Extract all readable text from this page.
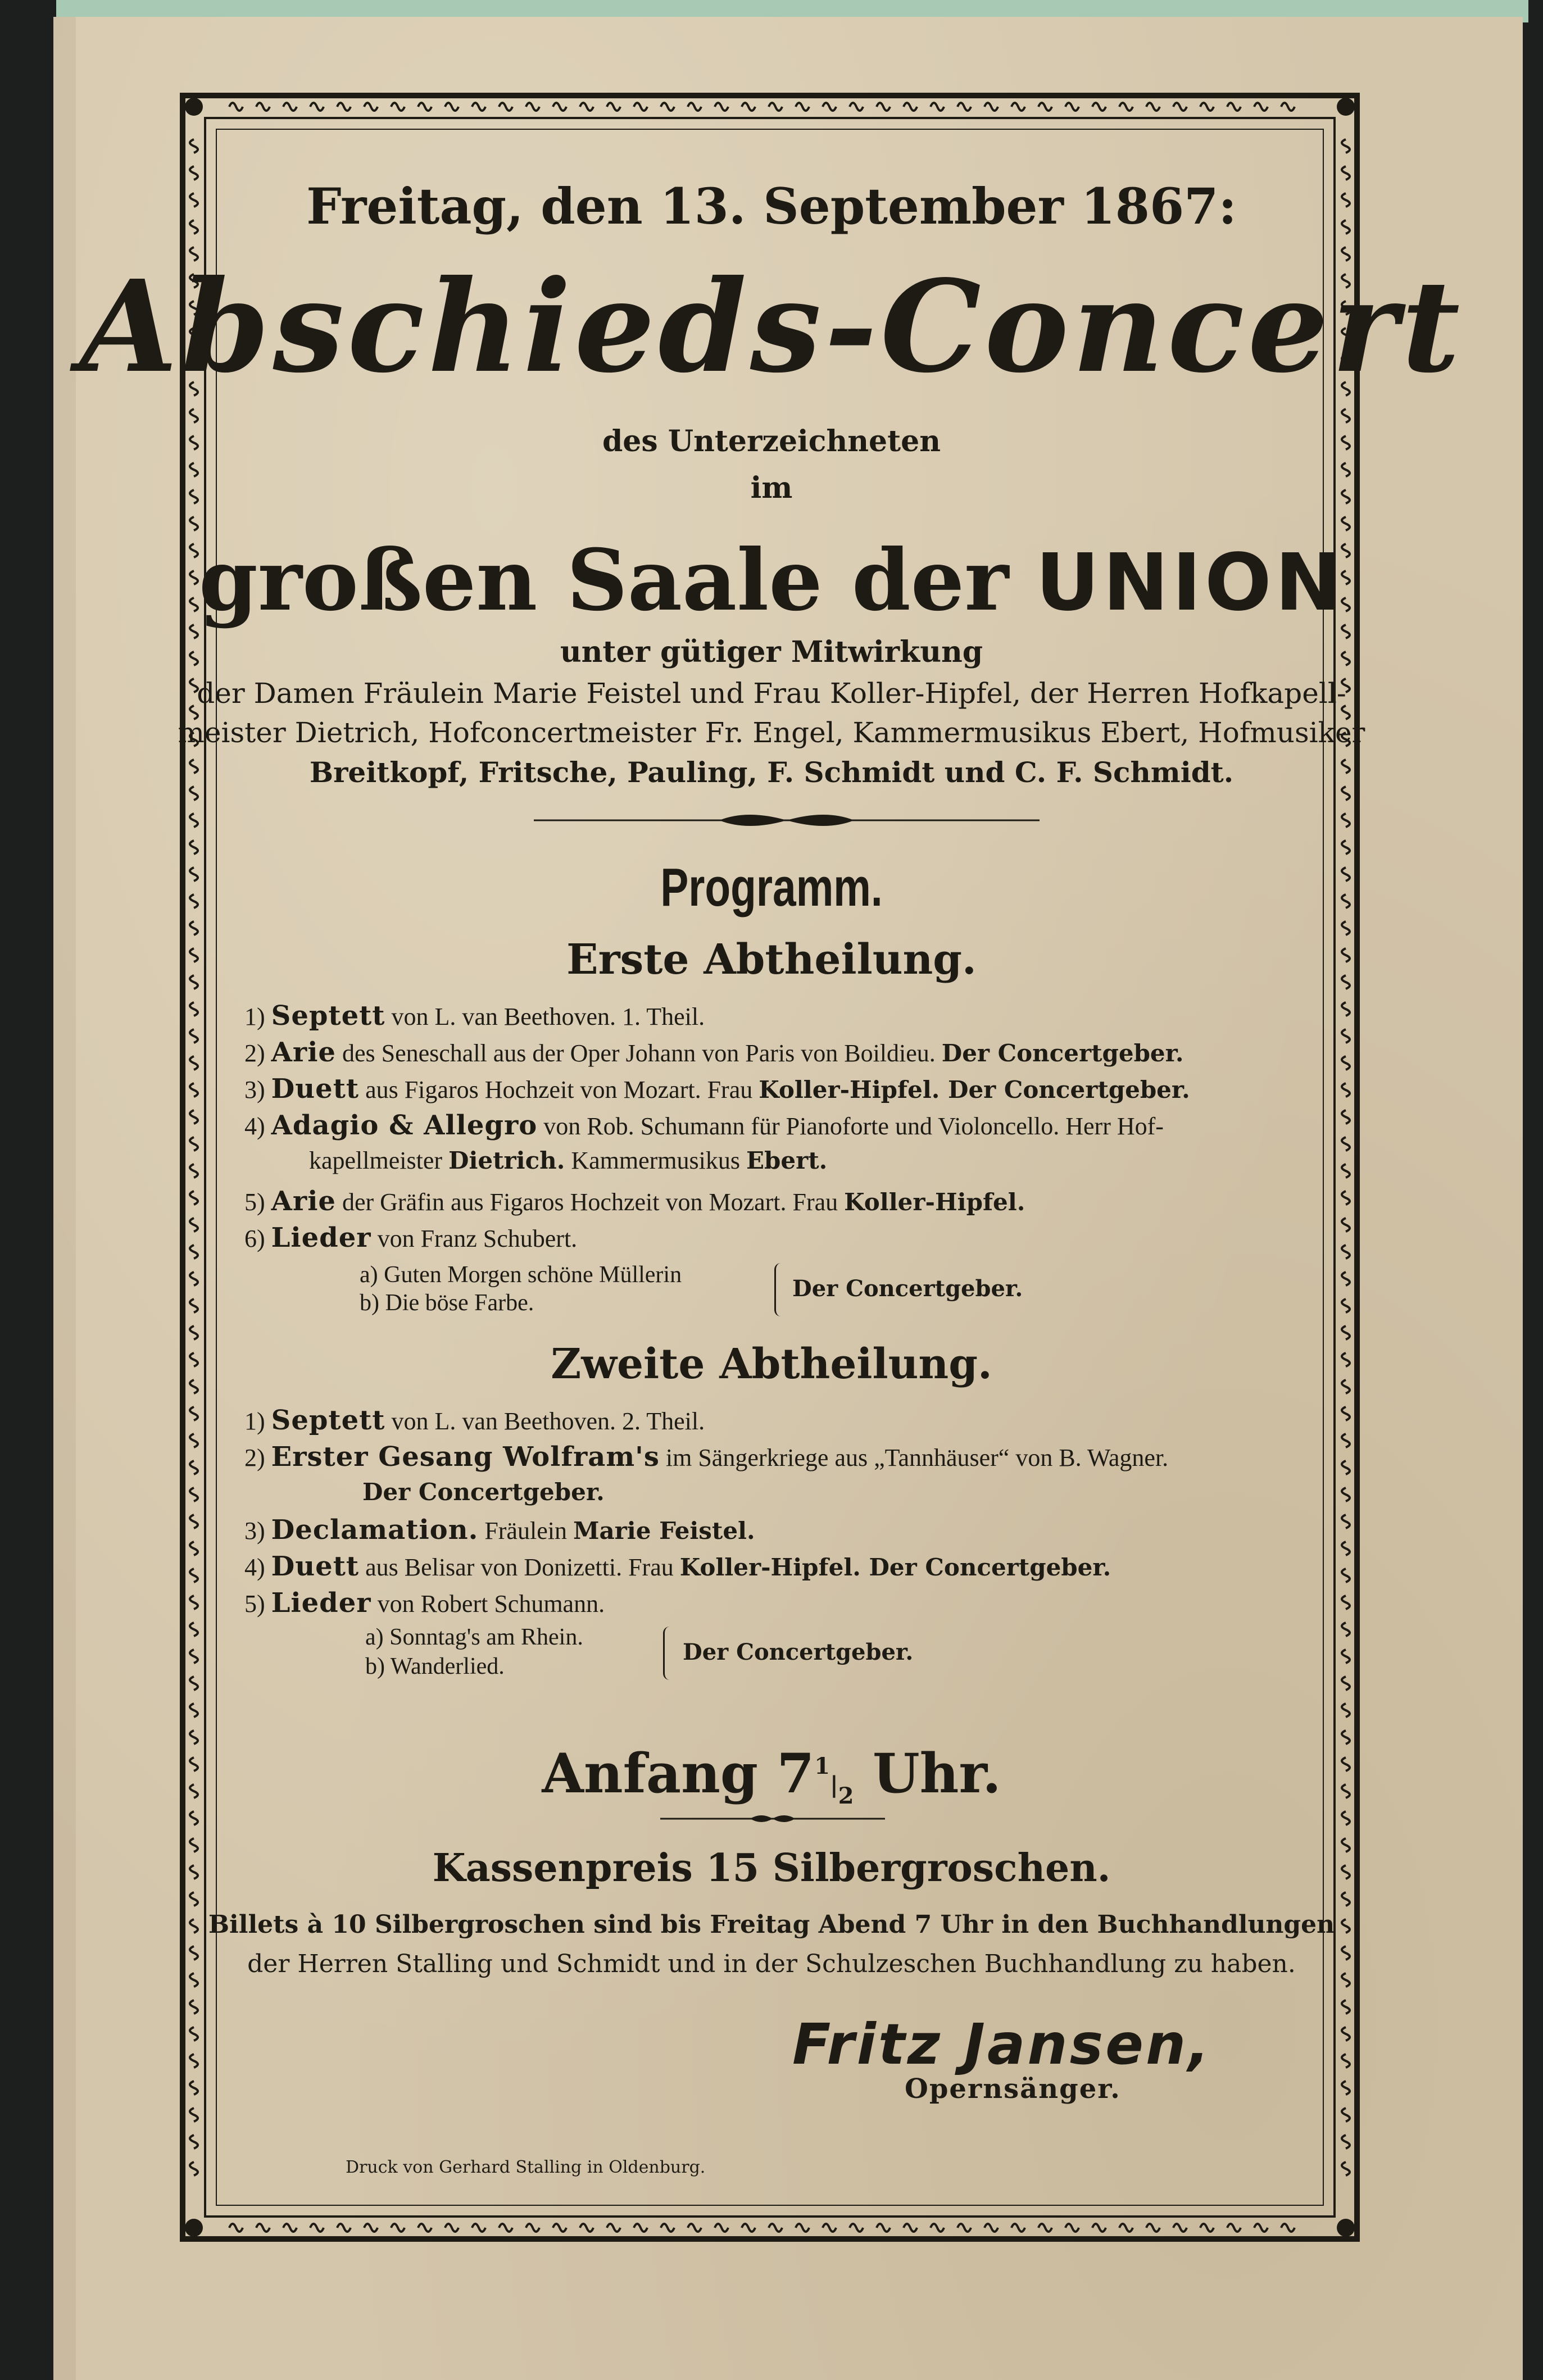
Freitag, den 13. September 1867:
Abschieds-Concert
des Unterzeichneten
im
großen Saale der UNION
unter gütiger Mitwirkung
der Damen Fräulein Marie Feistel und Frau Koller-Hipfel, der Herren Hofkapell-
meister Dietrich, Hofconcertmeister Fr. Engel, Kammermusikus Ebert, Hofmusiker
Breitkopf, Fritsche, Pauling, F. Schmidt und C. F. Schmidt.
Programm.
Erste Abtheilung.
1) Septett von L. van Beethoven. 1. Theil.
2) Arie des Seneschall aus der Oper Johann von Paris von Boildieu. Der Concertgeber.
3) Duett aus Figaros Hochzeit von Mozart. Frau Koller-Hipfel. Der Concertgeber.
4) Adagio & Allegro von Rob. Schumann für Pianoforte und Violoncello. Herr Hof-
kapellmeister Dietrich. Kammermusikus Ebert.
5) Arie der Gräfin aus Figaros Hochzeit von Mozart. Frau Koller-Hipfel.
6) Lieder von Franz Schubert.
a) Guten Morgen schöne Müllerin
b) Die böse Farbe.
Der Concertgeber.
Zweite Abtheilung.
1) Septett von L. van Beethoven. 2. Theil.
2) Erster Gesang Wolfram's im Sängerkriege aus „Tannhäuser“ von B. Wagner.
Der Concertgeber.
3) Declamation. Fräulein Marie Feistel.
4) Duett aus Belisar von Donizetti. Frau Koller-Hipfel. Der Concertgeber.
5) Lieder von Robert Schumann.
a) Sonntag's am Rhein.
b) Wanderlied.
Der Concertgeber.
Anfang $7^1|_2$ Uhr.
Kassenpreis 15 Silbergroschen.
Billets à 10 Silbergroschen sind bis Freitag Abend 7 Uhr in den Buchhandlungen
der Herren Stalling und Schmidt und in der Schulzeschen Buchhandlung zu haben.
Fritz Jansen,
Opernsänger.
Druck von Gerhard Stalling in Oldenburg.
